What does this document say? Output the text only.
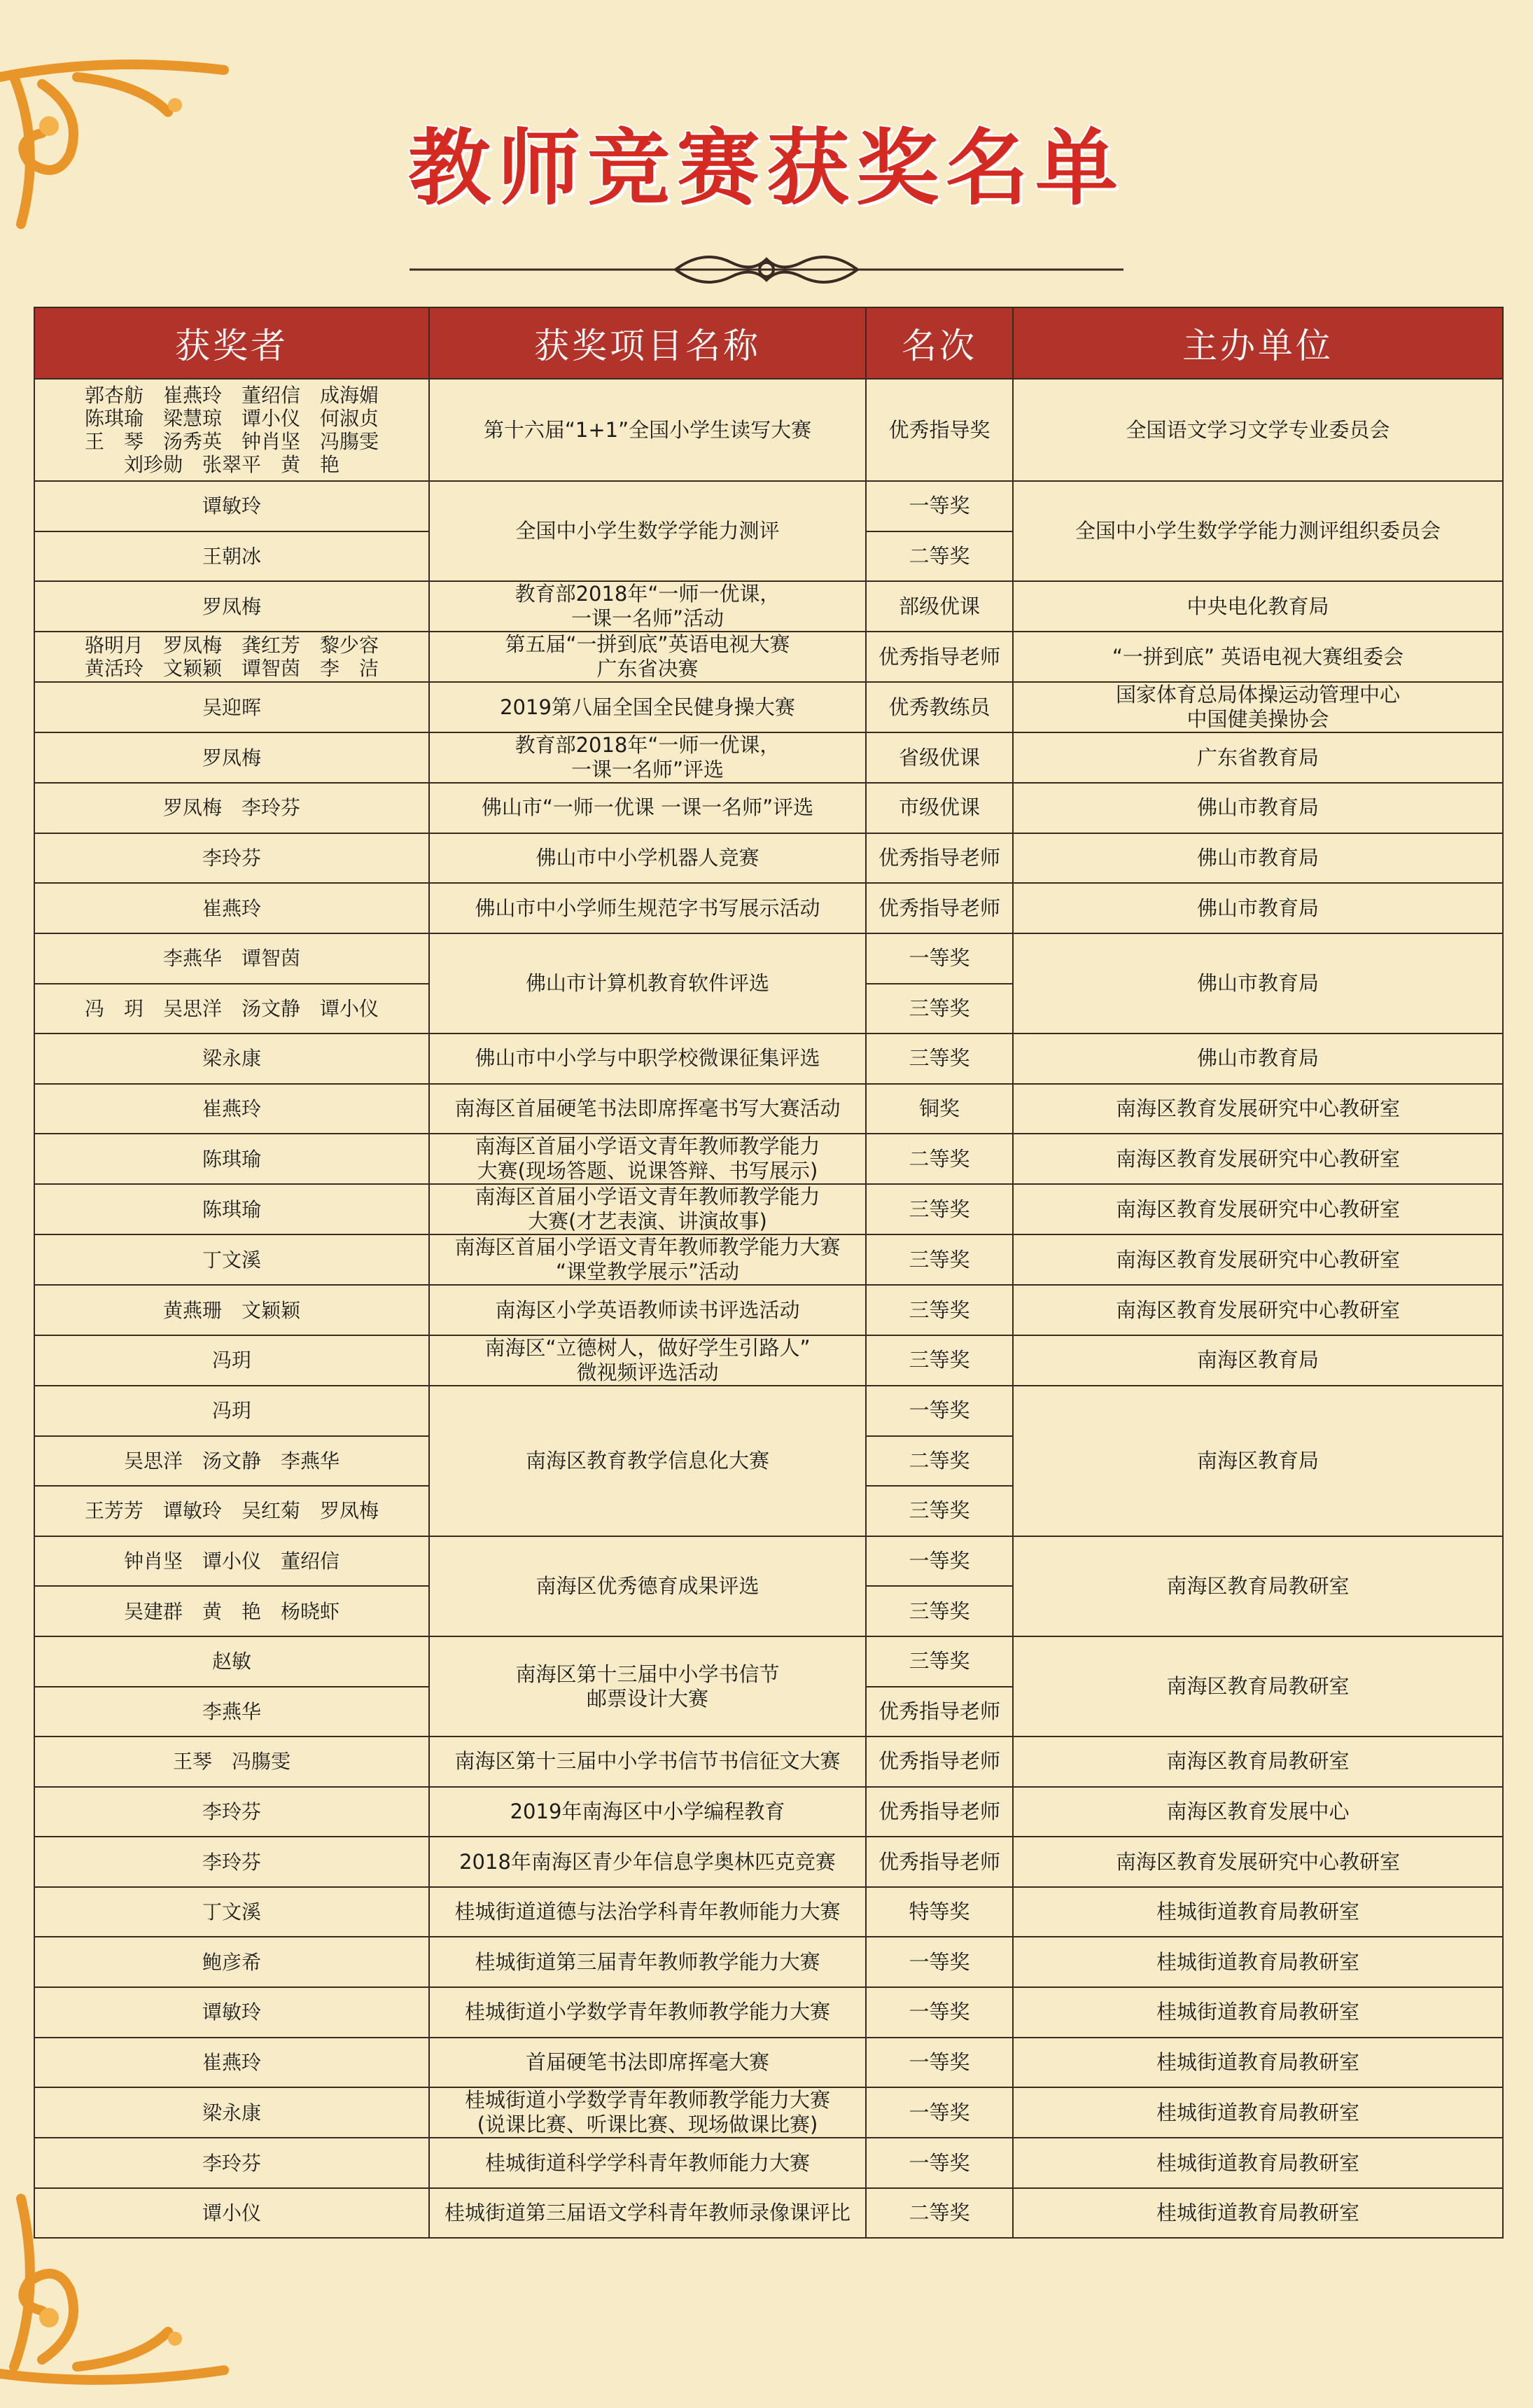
教师竞赛获奖名单
获奖者	获奖项目名称	名次	主办单位
郭杏舫　崔燕玲　董绍信　成海媚
陈琪瑜　梁慧琼　谭小仪　何淑贞
王　琴　汤秀英　钟肖坚　冯膓雯
刘珍勋　张翠平　黄　艳	第十六届“1+1”全国小学生读写大赛	优秀指导奖	全国语文学习文学专业委员会
谭敏玲	全国中小学生数学学能力测评	一等奖	全国中小学生数学学能力测评组织委员会
王朝冰		二等奖	
罗凤梅	教育部2018年“一师一优课，
一课一名师”活动	部级优课	中央电化教育局
骆明月　罗凤梅　龚红芳　黎少容
黄活玲　文颖颖　谭智茵　李　洁	第五届“一拼到底”英语电视大赛
广东省决赛	优秀指导老师	“一拼到底” 英语电视大赛组委会
吴迎晖	2019第八届全国全民健身操大赛	优秀教练员	国家体育总局体操运动管理中心
中国健美操协会
罗凤梅	教育部2018年“一师一优课，
一课一名师”评选	省级优课	广东省教育局
罗凤梅　李玲芬	佛山市“一师一优课 一课一名师”评选	市级优课	佛山市教育局
李玲芬	佛山市中小学机器人竞赛	优秀指导老师	佛山市教育局
崔燕玲	佛山市中小学师生规范字书写展示活动	优秀指导老师	佛山市教育局
李燕华　谭智茵	佛山市计算机教育软件评选	一等奖	佛山市教育局
冯　玥　吴思洋　汤文静　谭小仪		三等奖	
梁永康	佛山市中小学与中职学校微课征集评选	三等奖	佛山市教育局
崔燕玲	南海区首届硬笔书法即席挥毫书写大赛活动	铜奖	南海区教育发展研究中心教研室
陈琪瑜	南海区首届小学语文青年教师教学能力
大赛(现场答题、说课答辩、书写展示)	二等奖	南海区教育发展研究中心教研室
陈琪瑜	南海区首届小学语文青年教师教学能力
大赛(才艺表演、讲演故事)	三等奖	南海区教育发展研究中心教研室
丁文溪	南海区首届小学语文青年教师教学能力大赛
“课堂教学展示”活动	三等奖	南海区教育发展研究中心教研室
黄燕珊　文颖颖	南海区小学英语教师读书评选活动	三等奖	南海区教育发展研究中心教研室
冯玥	南海区“立德树人，做好学生引路人”
微视频评选活动	三等奖	南海区教育局
冯玥	南海区教育教学信息化大赛	一等奖	南海区教育局
吴思洋　汤文静　李燕华		二等奖	
王芳芳　谭敏玲　吴红菊　罗凤梅		三等奖	
钟肖坚　谭小仪　董绍信	南海区优秀德育成果评选	一等奖	南海区教育局教研室
吴建群　黄　艳　杨晓虾		三等奖	
赵敏	南海区第十三届中小学书信节
邮票设计大赛	三等奖	南海区教育局教研室
李燕华		优秀指导老师	
王琴　冯膓雯	南海区第十三届中小学书信节书信征文大赛	优秀指导老师	南海区教育局教研室
李玲芬	2019年南海区中小学编程教育	优秀指导老师	南海区教育发展中心
李玲芬	2018年南海区青少年信息学奥林匹克竞赛	优秀指导老师	南海区教育发展研究中心教研室
丁文溪	桂城街道道德与法治学科青年教师能力大赛	特等奖	桂城街道教育局教研室
鲍彦希	桂城街道第三届青年教师教学能力大赛	一等奖	桂城街道教育局教研室
谭敏玲	桂城街道小学数学青年教师教学能力大赛	一等奖	桂城街道教育局教研室
崔燕玲	首届硬笔书法即席挥毫大赛	一等奖	桂城街道教育局教研室
梁永康	桂城街道小学数学青年教师教学能力大赛
(说课比赛、听课比赛、现场做课比赛)	一等奖	桂城街道教育局教研室
李玲芬	桂城街道科学学科青年教师能力大赛	一等奖	桂城街道教育局教研室
谭小仪	桂城街道第三届语文学科青年教师录像课评比	二等奖	桂城街道教育局教研室
